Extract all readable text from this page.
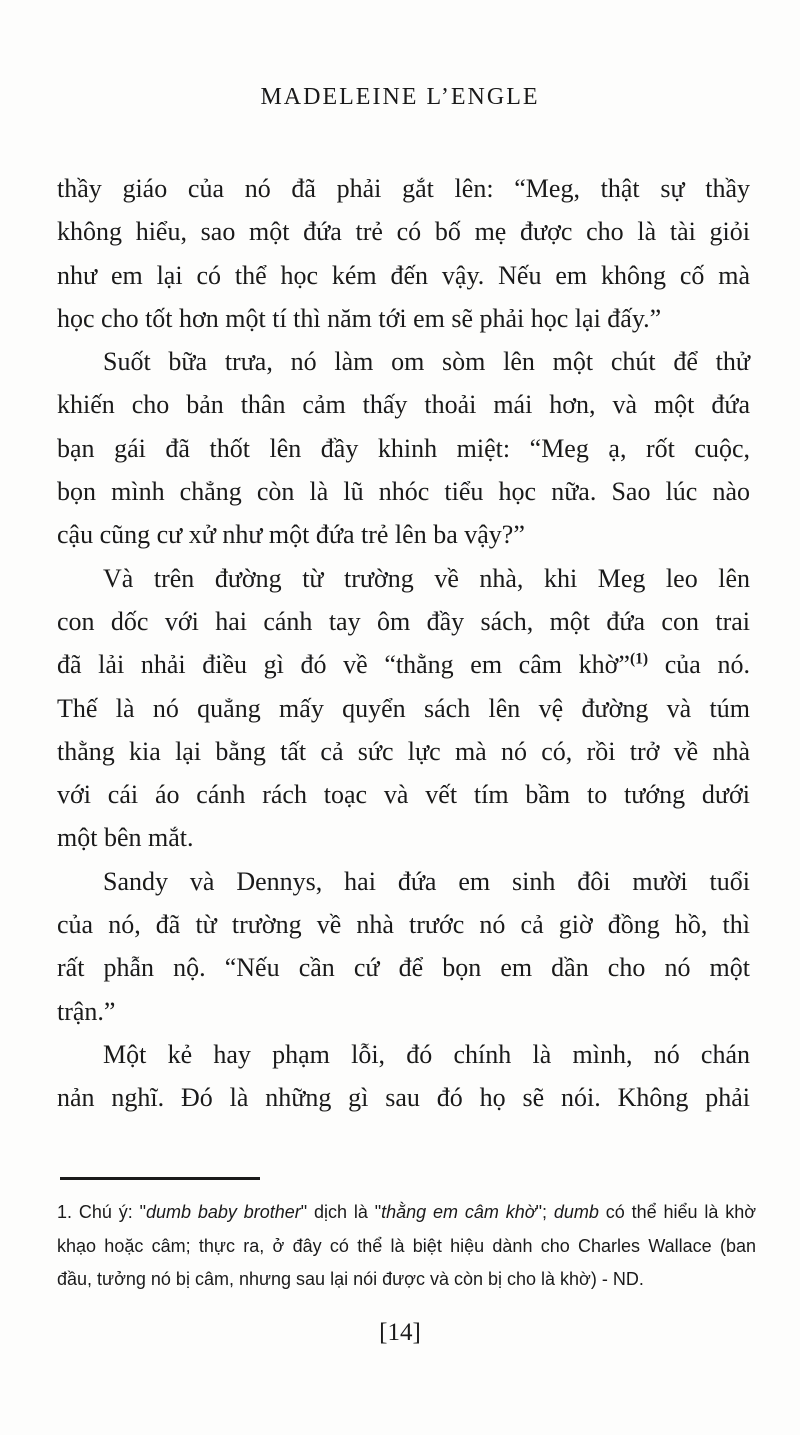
MADELEINE L’ENGLE
thầy giáo của nó đã phải gắt lên: “Meg, thật sự thầy
không hiểu, sao một đứa trẻ có bố mẹ được cho là tài giỏi
như em lại có thể học kém đến vậy. Nếu em không cố mà
học cho tốt hơn một tí thì năm tới em sẽ phải học lại đấy.”
Suốt bữa trưa, nó làm om sòm lên một chút để thử
khiến cho bản thân cảm thấy thoải mái hơn, và một đứa
bạn gái đã thốt lên đầy khinh miệt: “Meg ạ, rốt cuộc,
bọn mình chẳng còn là lũ nhóc tiểu học nữa. Sao lúc nào
cậu cũng cư xử như một đứa trẻ lên ba vậy?”
Và trên đường từ trường về nhà, khi Meg leo lên
con dốc với hai cánh tay ôm đầy sách, một đứa con trai
đã lải nhải điều gì đó về “thằng em câm khờ”$^{(1)}$ của nó.
Thế là nó quẳng mấy quyển sách lên vệ đường và túm
thằng kia lại bằng tất cả sức lực mà nó có, rồi trở về nhà
với cái áo cánh rách toạc và vết tím bầm to tướng dưới
một bên mắt.
Sandy và Dennys, hai đứa em sinh đôi mười tuổi
của nó, đã từ trường về nhà trước nó cả giờ đồng hồ, thì
rất phẫn nộ. “Nếu cần cứ để bọn em dần cho nó một
trận.”
Một kẻ hay phạm lỗi, đó chính là mình, nó chán
nản nghĩ. Đó là những gì sau đó họ sẽ nói. Không phải
1. Chú ý: "dumb baby brother" dịch là "thằng em câm khờ"; dumb có thể hiểu là khờ
khạo hoặc câm; thực ra, ở đây có thể là biệt hiệu dành cho Charles Wallace (ban
đầu, tưởng nó bị câm, nhưng sau lại nói được và còn bị cho là khờ) - ND.
[14]
